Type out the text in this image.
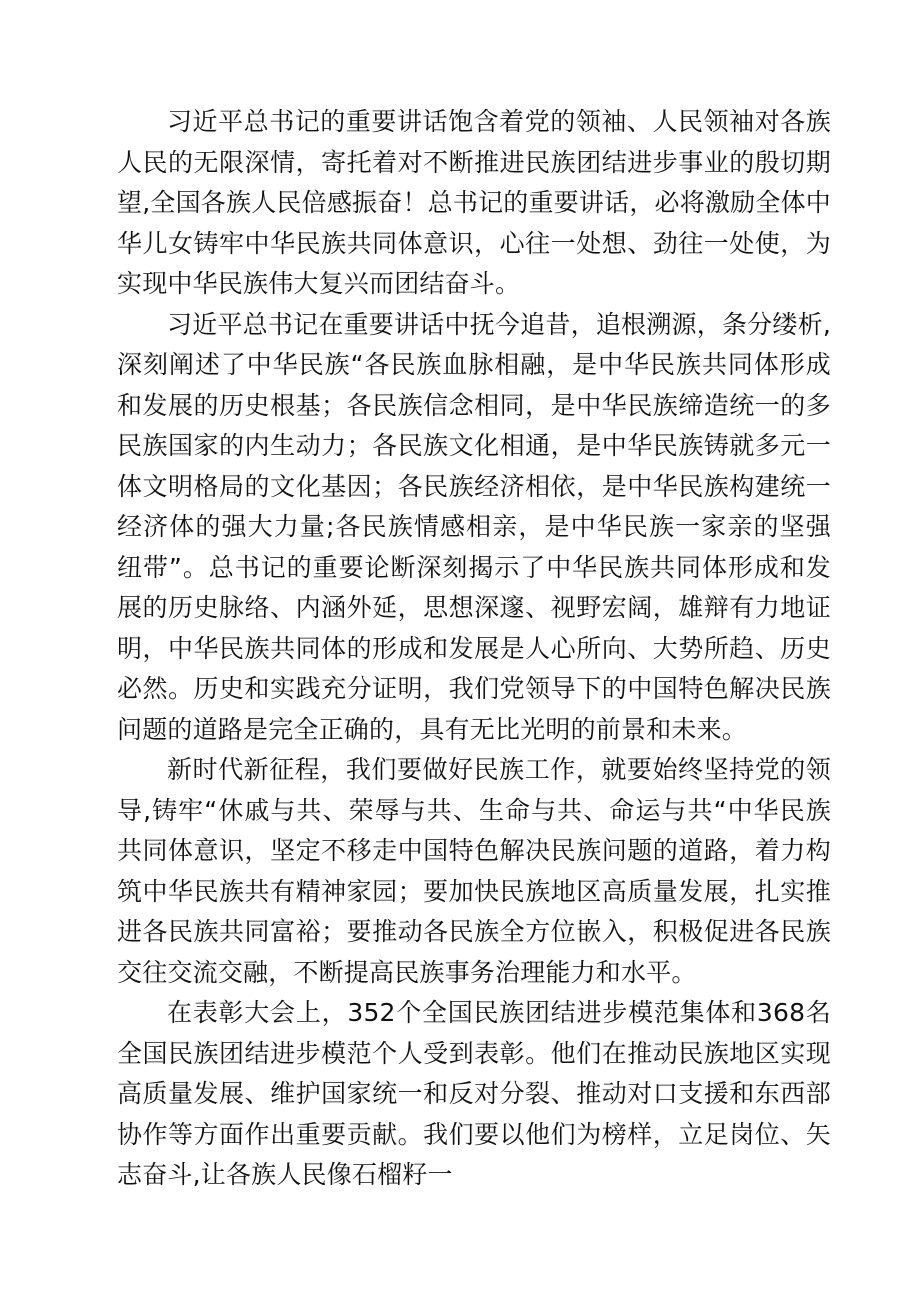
习近平总书记的重要讲话饱含着党的领袖、人民领袖对各族人民的无限深情，寄托着对不断推进民族团结进步事业的殷切期望,全国各族人民倍感振奋！总书记的重要讲话，必将激励全体中华儿女铸牢中华民族共同体意识，心往一处想、劲往一处使，为实现中华民族伟大复兴而团结奋斗。

习近平总书记在重要讲话中抚今追昔，追根溯源，条分缕析,深刻阐述了中华民族“各民族血脉相融，是中华民族共同体形成和发展的历史根基；各民族信念相同，是中华民族缔造统一的多民族国家的内生动力；各民族文化相通，是中华民族铸就多元一体文明格局的文化基因；各民族经济相依，是中华民族构建统一经济体的强大力量;各民族情感相亲，是中华民族一家亲的坚强纽带”。总书记的重要论断深刻揭示了中华民族共同体形成和发展的历史脉络、内涵外延，思想深邃、视野宏阔，雄辩有力地证明，中华民族共同体的形成和发展是人心所向、大势所趋、历史必然。历史和实践充分证明，我们党领导下的中国特色解决民族问题的道路是完全正确的，具有无比光明的前景和未来。

新时代新征程，我们要做好民族工作，就要始终坚持党的领导,铸牢“休戚与共、荣辱与共、生命与共、命运与共“中华民族共同体意识，坚定不移走中国特色解决民族问题的道路，着力构筑中华民族共有精神家园；要加快民族地区高质量发展，扎实推进各民族共同富裕；要推动各民族全方位嵌入，积极促进各民族交往交流交融，不断提高民族事务治理能力和水平。

在表彰大会上，352个全国民族团结进步模范集体和368名全国民族团结进步模范个人受到表彰。他们在推动民族地区实现高质量发展、维护国家统一和反对分裂、推动对口支援和东西部协作等方面作出重要贡献。我们要以他们为榜样，立足岗位、矢志奋斗,让各族人民像石榴籽一
